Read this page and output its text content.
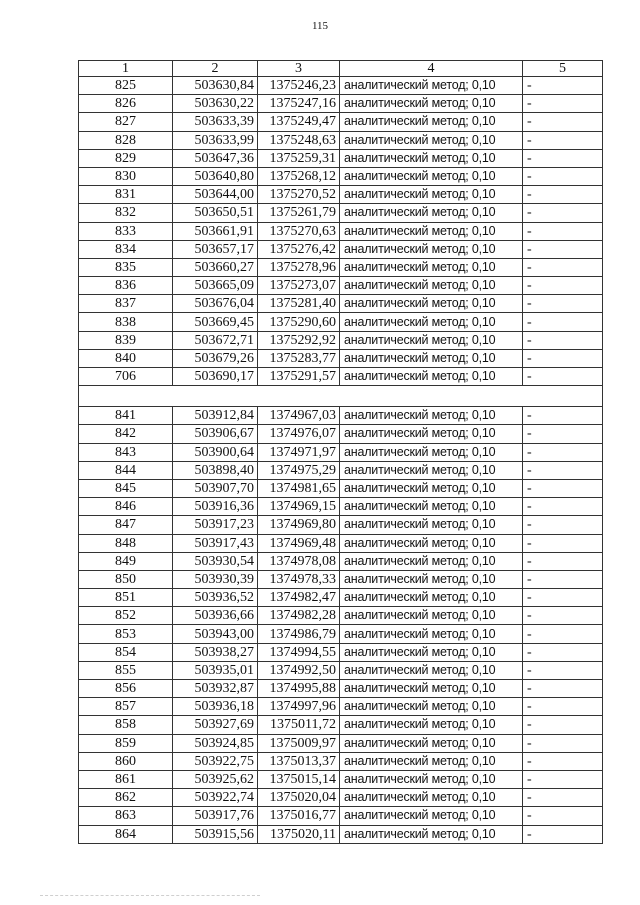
115
1	2	3	4	5
825	503630,84	1375246,23	аналитический метод; 0,10	-
826	503630,22	1375247,16	аналитический метод; 0,10	-
827	503633,39	1375249,47	аналитический метод; 0,10	-
828	503633,99	1375248,63	аналитический метод; 0,10	-
829	503647,36	1375259,31	аналитический метод; 0,10	-
830	503640,80	1375268,12	аналитический метод; 0,10	-
831	503644,00	1375270,52	аналитический метод; 0,10	-
832	503650,51	1375261,79	аналитический метод; 0,10	-
833	503661,91	1375270,63	аналитический метод; 0,10	-
834	503657,17	1375276,42	аналитический метод; 0,10	-
835	503660,27	1375278,96	аналитический метод; 0,10	-
836	503665,09	1375273,07	аналитический метод; 0,10	-
837	503676,04	1375281,40	аналитический метод; 0,10	-
838	503669,45	1375290,60	аналитический метод; 0,10	-
839	503672,71	1375292,92	аналитический метод; 0,10	-
840	503679,26	1375283,77	аналитический метод; 0,10	-
706	503690,17	1375291,57	аналитический метод; 0,10	-

841	503912,84	1374967,03	аналитический метод; 0,10	-
842	503906,67	1374976,07	аналитический метод; 0,10	-
843	503900,64	1374971,97	аналитический метод; 0,10	-
844	503898,40	1374975,29	аналитический метод; 0,10	-
845	503907,70	1374981,65	аналитический метод; 0,10	-
846	503916,36	1374969,15	аналитический метод; 0,10	-
847	503917,23	1374969,80	аналитический метод; 0,10	-
848	503917,43	1374969,48	аналитический метод; 0,10	-
849	503930,54	1374978,08	аналитический метод; 0,10	-
850	503930,39	1374978,33	аналитический метод; 0,10	-
851	503936,52	1374982,47	аналитический метод; 0,10	-
852	503936,66	1374982,28	аналитический метод; 0,10	-
853	503943,00	1374986,79	аналитический метод; 0,10	-
854	503938,27	1374994,55	аналитический метод; 0,10	-
855	503935,01	1374992,50	аналитический метод; 0,10	-
856	503932,87	1374995,88	аналитический метод; 0,10	-
857	503936,18	1374997,96	аналитический метод; 0,10	-
858	503927,69	1375011,72	аналитический метод; 0,10	-
859	503924,85	1375009,97	аналитический метод; 0,10	-
860	503922,75	1375013,37	аналитический метод; 0,10	-
861	503925,62	1375015,14	аналитический метод; 0,10	-
862	503922,74	1375020,04	аналитический метод; 0,10	-
863	503917,76	1375016,77	аналитический метод; 0,10	-
864	503915,56	1375020,11	аналитический метод; 0,10	-
